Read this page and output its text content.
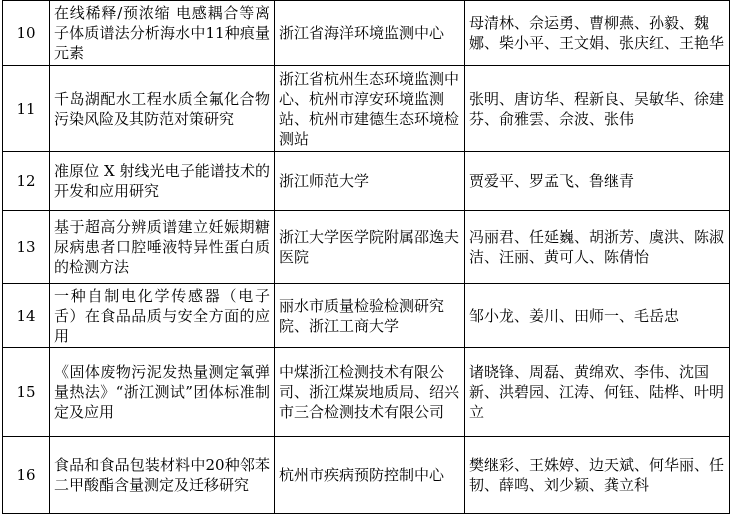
10	在线稀释/预浓缩 电感耦合等离子体质谱法分析海水中11种痕量元素	浙江省海洋环境监测中心	母清林、佘运勇、曹柳燕、孙毅、魏娜、柴小平、王文娟、张庆红、王艳华
11	千岛湖配水工程水质全氟化合物污染风险及其防范对策研究	浙江省杭州生态环境监测中心、杭州市淳安环境监测站、杭州市建德生态环境检测站	张明、唐访华、程新良、吴敏华、徐建芬、俞雅雲、佘波、张伟
12	准原位 X 射线光电子能谱技术的开发和应用研究	浙江师范大学	贾爱平、罗孟飞、鲁继青
13	基于超高分辨质谱建立妊娠期糖尿病患者口腔唾液特异性蛋白质的检测方法	浙江大学医学院附属邵逸夫医院	冯丽君、任延巍、胡浙芳、虞洪、陈淑洁、汪丽、黄可人、陈倩怡
14	一种自制电化学传感器（电子舌）在食品品质与安全方面的应用	丽水市质量检验检测研究院、浙江工商大学	邹小龙、姜川、田师一、毛岳忠
15	《固体废物污泥发热量测定氧弹量热法》“浙江测试”团体标准制定及应用	中煤浙江检测技术有限公司、浙江煤炭地质局、绍兴市三合检测技术有限公司	诸晓锋、周磊、黄绵欢、李伟、沈国新、洪碧园、江涛、何钰、陆桦、叶明立
16	食品和食品包装材料中20种邻苯二甲酸酯含量测定及迁移研究	杭州市疾病预防控制中心	樊继彩、王姝婷、边天斌、何华丽、任韧、薛鸣、刘少颖、龚立科
